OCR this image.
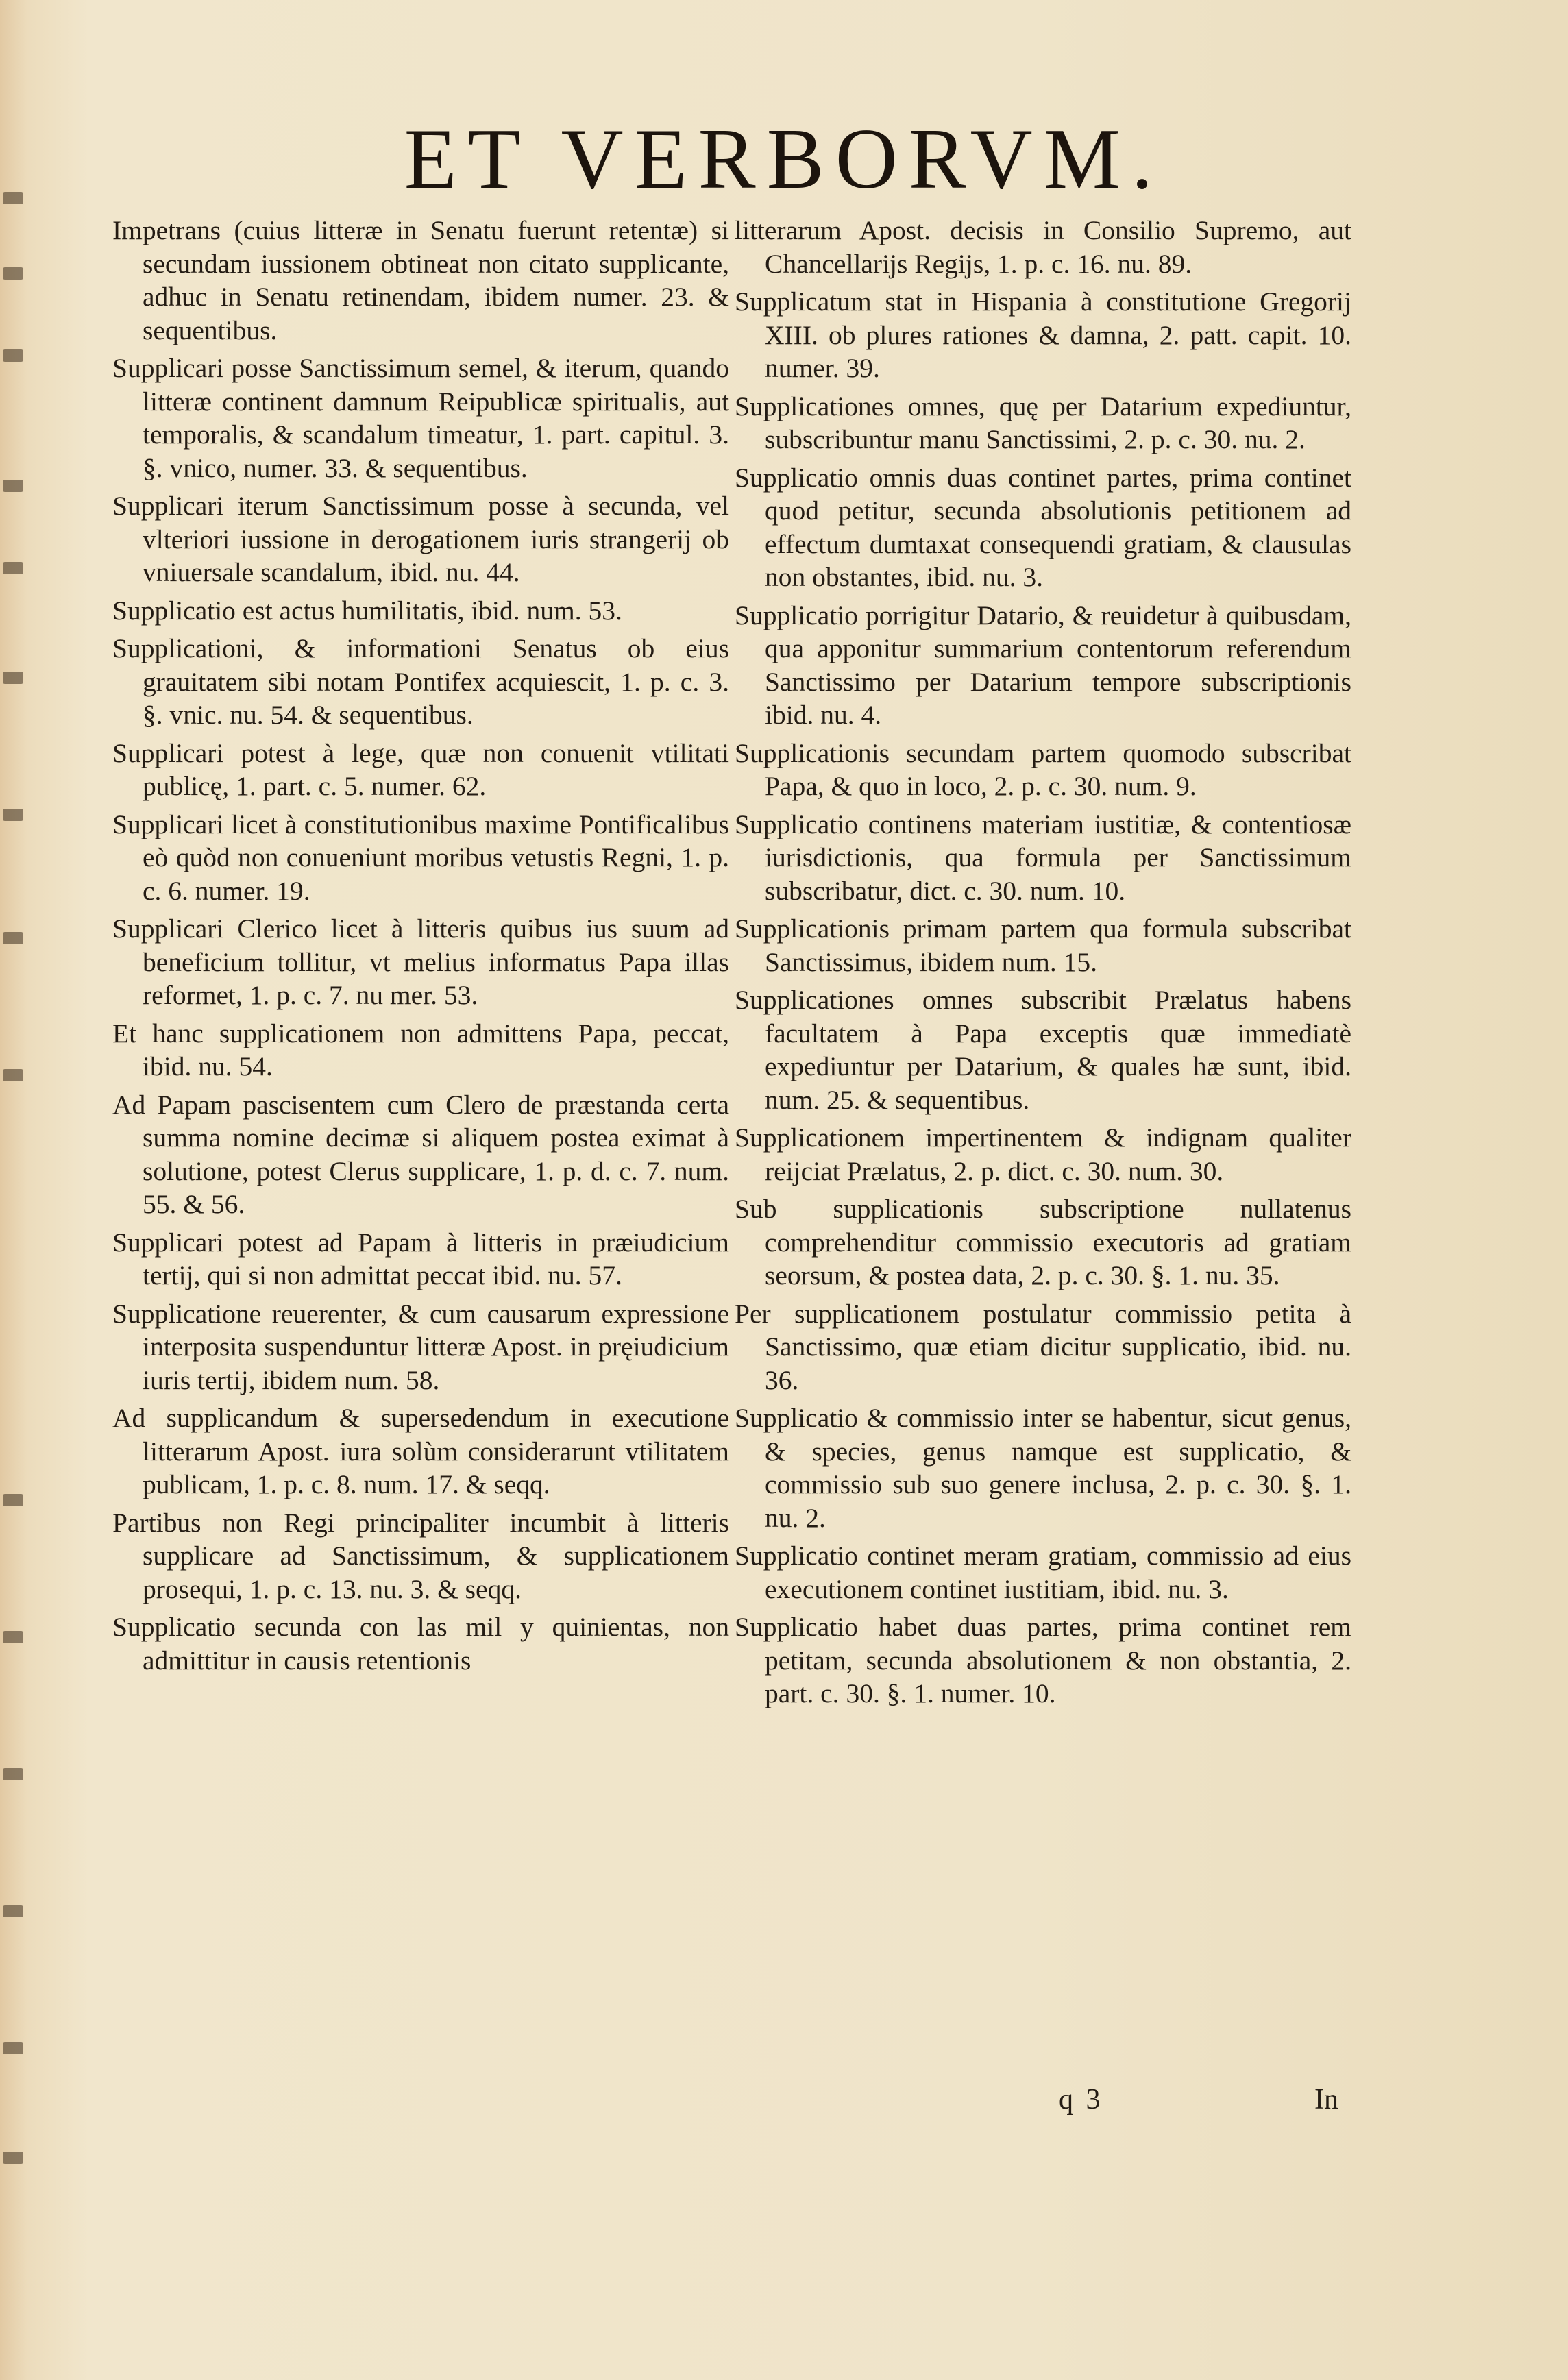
ET VERBORVM.

Impetrans (cuius litteræ in Senatu fuerunt retentæ) si secundam iussionem obtineat non citato supplicante, adhuc in Senatu retinendam, ibidem numer. 23. & sequentibus.

Supplicari posse Sanctissimum semel, & iterum, quando litteræ continent damnum Reipublicæ spiritualis, aut temporalis, & scandalum timeatur, 1. part. capitul. 3. §. vnico, numer. 33. & sequentibus.

Supplicari iterum Sanctissimum posse à secunda, vel vlteriori iussione in derogationem iuris strangerij ob vniuersale scandalum, ibid. nu. 44.

Supplicatio est actus humilitatis, ibid. num. 53.

Supplicationi, & informationi Senatus ob eius grauitatem sibi notam Pontifex acquiescit, 1. p. c. 3. §. vnic. nu. 54. & sequentibus.

Supplicari potest à lege, quæ non conuenit vtilitati publicę, 1. part. c. 5. numer. 62.

Supplicari licet à constitutionibus maxime Pontificalibus eò quòd non conueniunt moribus vetustis Regni, 1. p. c. 6. numer. 19.

Supplicari Clerico licet à litteris quibus ius suum ad beneficium tollitur, vt melius informatus Papa illas reformet, 1. p. c. 7. nu mer. 53.

Et hanc supplicationem non admittens Papa, peccat, ibid. nu. 54.

Ad Papam pascisentem cum Clero de præstanda certa summa nomine decimæ si aliquem postea eximat à solutione, potest Clerus supplicare, 1. p. d. c. 7. num. 55. & 56.

Supplicari potest ad Papam à litteris in præiudicium tertij, qui si non admittat peccat ibid. nu. 57.

Supplicatione reuerenter, & cum causarum expressione interposita suspenduntur litteræ Apost. in pręiudicium iuris tertij, ibidem num. 58.

Ad supplicandum & supersedendum in executione litterarum Apost. iura solùm considerarunt vtilitatem publicam, 1. p. c. 8. num. 17. & seqq.

Partibus non Regi principaliter incumbit à litteris supplicare ad Sanctissimum, & supplicationem prosequi, 1. p. c. 13. nu. 3. & seqq.

Supplicatio secunda con las mil y quinientas, non admittitur in causis retentionis

litterarum Apost. decisis in Consilio Supremo, aut Chancellarijs Regijs, 1. p. c. 16. nu. 89.

Supplicatum stat in Hispania à constitutione Gregorij XIII. ob plures rationes & damna, 2. patt. capit. 10. numer. 39.

Supplicationes omnes, quę per Datarium expediuntur, subscribuntur manu Sanctissimi, 2. p. c. 30. nu. 2.

Supplicatio omnis duas continet partes, prima continet quod petitur, secunda absolutionis petitionem ad effectum dumtaxat consequendi gratiam, & clausulas non obstantes, ibid. nu. 3.

Supplicatio porrigitur Datario, & reuidetur à quibusdam, qua apponitur summarium contentorum referendum Sanctissimo per Datarium tempore subscriptionis ibid. nu. 4.

Supplicationis secundam partem quomodo subscribat Papa, & quo in loco, 2. p. c. 30. num. 9.

Supplicatio continens materiam iustitiæ, & contentiosæ iurisdictionis, qua formula per Sanctissimum subscribatur, dict. c. 30. num. 10.

Supplicationis primam partem qua formula subscribat Sanctissimus, ibidem num. 15.

Supplicationes omnes subscribit Prælatus habens facultatem à Papa exceptis quæ immediatè expediuntur per Datarium, & quales hæ sunt, ibid. num. 25. & sequentibus.

Supplicationem impertinentem & indignam qualiter reijciat Prælatus, 2. p. dict. c. 30. num. 30.

Sub supplicationis subscriptione nullatenus comprehenditur commissio executoris ad gratiam seorsum, & postea data, 2. p. c. 30. §. 1. nu. 35.

Per supplicationem postulatur commissio petita à Sanctissimo, quæ etiam dicitur supplicatio, ibid. nu. 36.

Supplicatio & commissio inter se habentur, sicut genus, & species, genus namque est supplicatio, & commissio sub suo genere inclusa, 2. p. c. 30. §. 1. nu. 2.

Supplicatio continet meram gratiam, commissio ad eius executionem continet iustitiam, ibid. nu. 3.

Supplicatio habet duas partes, prima continet rem petitam, secunda absolutionem & non obstantia, 2. part. c. 30. §. 1. numer. 10.

q 3	In
